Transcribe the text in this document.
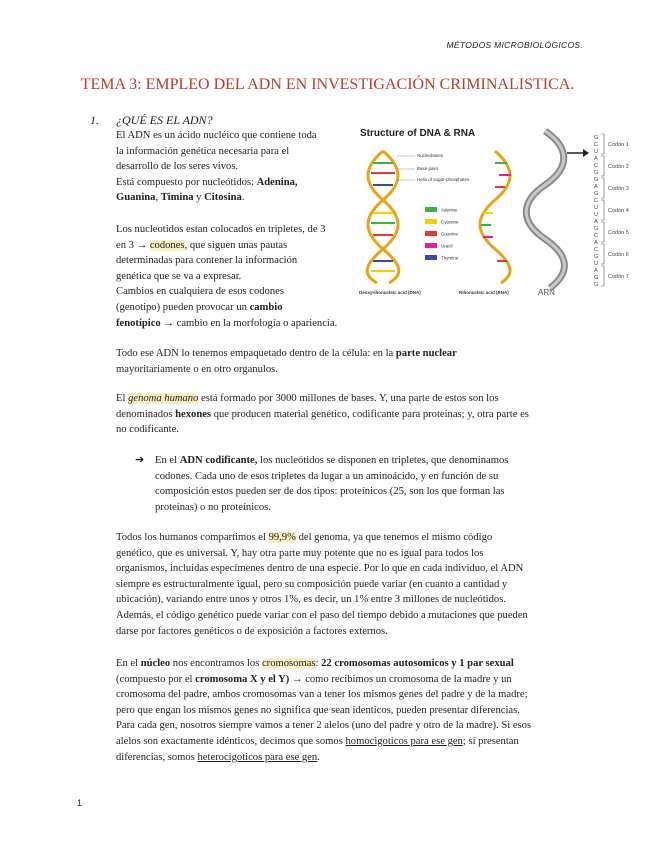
MÉTODOS MICROBIOLÓGICOS.
TEMA 3: EMPLEO DEL ADN EN INVESTIGACIÓN CRIMINALISTICA.
1. ¿QUÉ ES EL ADN?
El ADN es un ácido nucléico que contiene toda
la información genética necesaria para el
desarrollo de los seres vivos.
Está compuesto por nucleótidos: Adenina,
Guanina, Timina y Citosina.
Los nucleotidos estan colocados en tripletes, de 3
en 3 → codones, que siguen unas pautas
determinadas para contener la información
genética que se va a expresar.
Cambios en cualquiera de esos codones
(genotipo) pueden provocar un cambio
fenotípico → cambio en la morfología o apariencia.
Structure of DNA & RNA
Nucleobases
Base pairs
Helix of sugar-phosphates
Adenine
Cytosine
Guanine
Uracil
Thymine
Deoxyribonucleic acid (DNA)	Ribonucleic acid (RNA)	ARN
G
C
U
A
C
G
G
A
G
C
U
U
A
G
C
A
C
G
U
A
G
G
Codón 1
Codón 2
Codón 3
Codón 4
Codón 5
Codón 6
Codón 7
Todo ese ADN lo tenemos empaquetado dentro de la célula: en la parte nuclear
mayoritariamente o en otro organulos.
El genoma humano está formado por 3000 millones de bases. Y, una parte de estos son los
denominados hexones que producen material genético, codificante para proteínas; y, otra parte es
no codificante.
➔ En el ADN codificante, los nucleótidos se disponen en tripletes, que denominamos
codones. Cada uno de esos tripletes da lugar a un aminoácido, y en función de su
composición estos pueden ser de dos tipos: proteínicos (25, son los que forman las
proteínas) o no proteínicos.
Todos los humanos compartimos el 99,9% del genoma, ya que tenemos el mismo código
genético, que es universal. Y, hay otra parte muy potente que no es igual para todos los
organismos, incluidas especímenes dentro de una especie. Por lo que en cada individuo, el ADN
siempre es estructuralmente igual, pero su composición puede variar (en cuanto a cantidad y
ubicación), variando entre unos y otros 1%, es decir, un 1% entre 3 millones de nucleótidos.
Además, el código genético puede variar con el paso del tiempo debido a mutaciones que pueden
darse por factores genéticos o de exposición a factores externos.
En el núcleo nos encontramos los cromosomas: 22 cromosomas autosomicos y 1 par sexual
(compuesto por el cromosoma X y el Y) → como recibimos un cromosoma de la madre y un
cromosoma del padre, ambos cromosomas van a tener los mismos genes del padre y de la madre;
pero que engan los mismos genes no significa que sean identicos, pueden presentar diferencias.
Para cada gen, nosotros siempre vamos a tener 2 alelos (uno del padre y otro de la madre). Si esos
alelos son exactamente idénticos, decimos que somos homocigoticos para ese gen; si presentan
diferencias, somos heterocigoticos para ese gen.
1
